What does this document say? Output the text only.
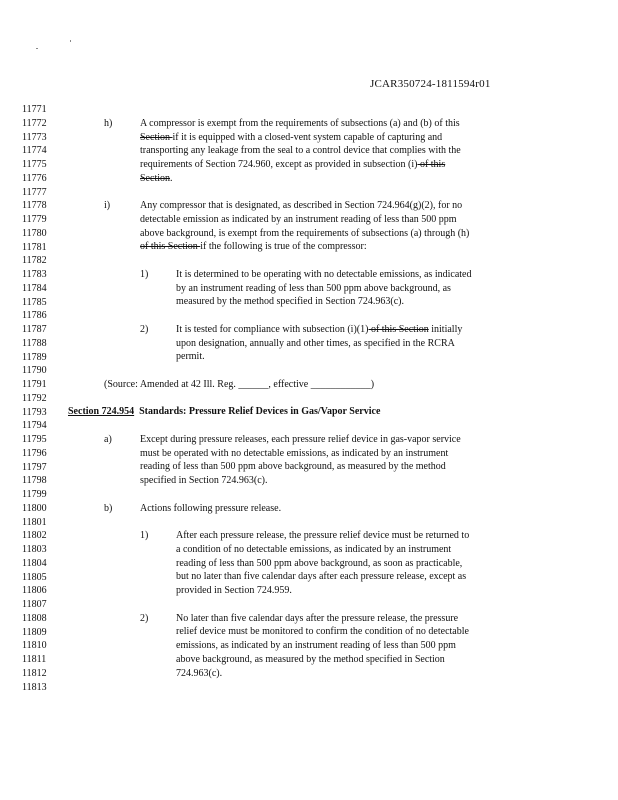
JCAR350724-1811594r01
11771
11772
11773
11774
11775
11776
11777
11778
11779
11780
11781
11782
11783
11784
11785
11786
11787
11788
11789
11790
11791
11792
11793
11794
11795
11796
11797
11798
11799
11800
11801
11802
11803
11804
11805
11806
11807
11808
11809
11810
11811
11812
11813
h)	A compressor is exempt from the requirements of subsections (a) and (b) of this
Section if it is equipped with a closed-vent system capable of capturing and
transporting any leakage from the seal to a control device that complies with the
requirements of Section 724.960, except as provided in subsection (i) of this
Section.
i)	Any compressor that is designated, as described in Section 724.964(g)(2), for no
detectable emission as indicated by an instrument reading of less than 500 ppm
above background, is exempt from the requirements of subsections (a) through (h)
of this Section if the following is true of the compressor:
1)	It is determined to be operating with no detectable emissions, as indicated
by an instrument reading of less than 500 ppm above background, as
measured by the method specified in Section 724.963(c).
2)	It is tested for compliance with subsection (i)(1) of this Section initially
upon designation, annually and other times, as specified in the RCRA
permit.
(Source: Amended at 42 Ill. Reg. ______, effective ____________)
Section 724.954 Standards: Pressure Relief Devices in Gas/Vapor Service
a)	Except during pressure releases, each pressure relief device in gas-vapor service
must be operated with no detectable emissions, as indicated by an instrument
reading of less than 500 ppm above background, as measured by the method
specified in Section 724.963(c).
b)	Actions following pressure release.
1)	After each pressure release, the pressure relief device must be returned to
a condition of no detectable emissions, as indicated by an instrument
reading of less than 500 ppm above background, as soon as practicable,
but no later than five calendar days after each pressure release, except as
provided in Section 724.959.
2)	No later than five calendar days after the pressure release, the pressure
relief device must be monitored to confirm the condition of no detectable
emissions, as indicated by an instrument reading of less than 500 ppm
above background, as measured by the method specified in Section
724.963(c).
